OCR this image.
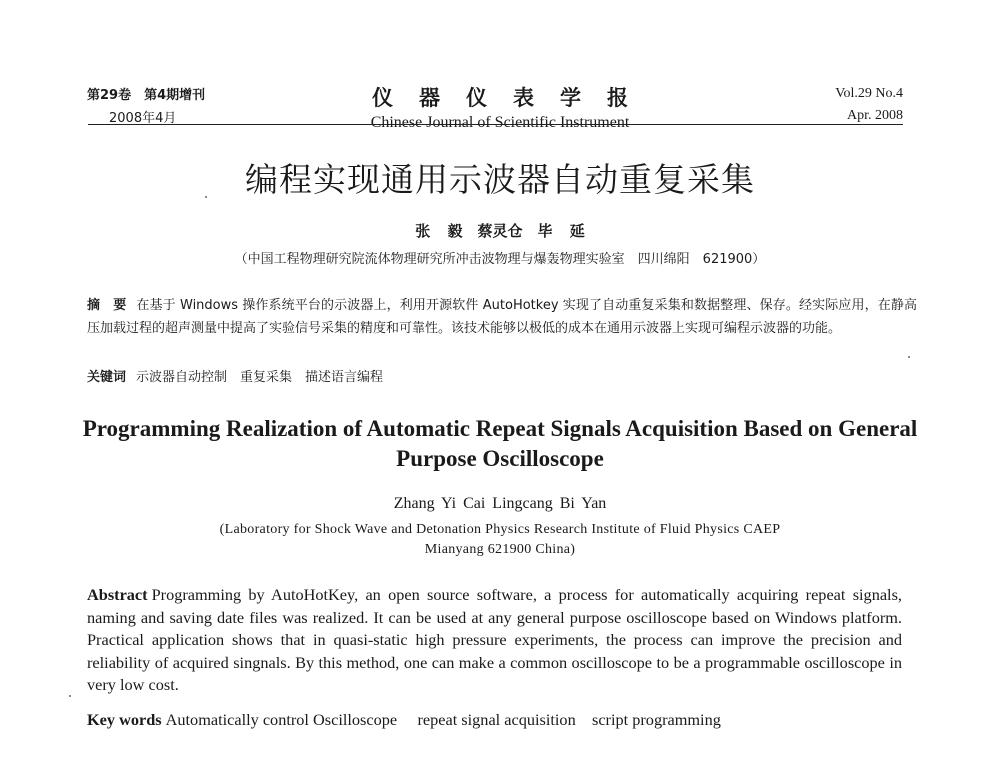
第29卷　第4期增刊
2008年4月
仪器仪表学报
Chinese Journal of Scientific Instrument
Vol.29 No.4
Apr. 2008
编程实现通用示波器自动重复采集
张 毅　蔡灵仓　毕 延
（中国工程物理研究院流体物理研究所冲击波物理与爆轰物理实验室　四川绵阳　621900）
摘　要 在基于 Windows 操作系统平台的示波器上，利用开源软件 AutoHotkey 实现了自动重复采集和数据整理、保存。经实际应用，在静高压加载过程的超声测量中提高了实验信号采集的精度和可靠性。该技术能够以极低的成本在通用示波器上实现可编程示波器的功能。
关键词 示波器自动控制　重复采集　描述语言编程
Programming Realization of Automatic Repeat Signals Acquisition Based on General Purpose Oscilloscope
Zhang Yi Cai Lingcang Bi Yan
(Laboratory for Shock Wave and Detonation Physics Research Institute of Fluid Physics CAEP
Mianyang 621900 China)
Abstract Programming by AutoHotKey, an open source software, a process for automatically acquiring repeat signals, naming and saving date files was realized. It can be used at any general purpose oscilloscope based on Windows platform. Practical application shows that in quasi-static high pressure experiments, the process can improve the precision and reliability of acquired singnals. By this method, one can make a common oscilloscope to be a programmable oscilloscope in very low cost.
Key words Automatically control Oscilloscope     repeat signal acquisition    script programming
